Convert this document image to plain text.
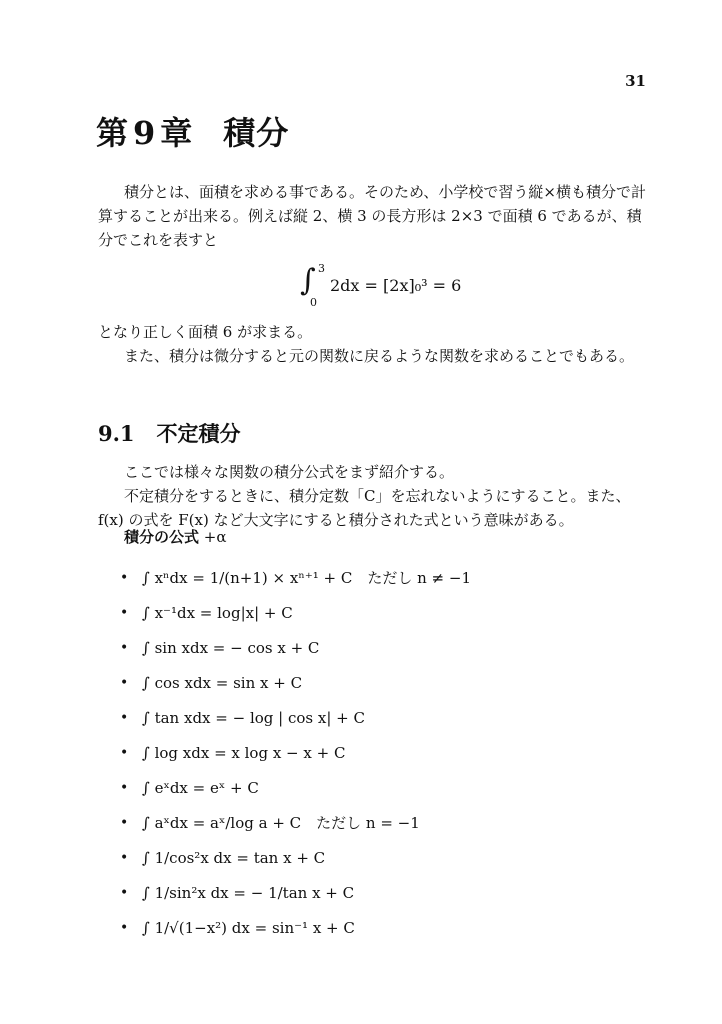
31
第 9 章 積分
積分とは、面積を求める事である。そのため、小学校で習う縦×横も積分で計算することが出来る。例えば縦 2、横 3 の長方形は 2×3 で面積 6 であるが、積分でこれを表すと
∫ 3
0
2dx = [2x]₀³ = 6
となり正しく面積 6 が求まる。
また、積分は微分すると元の関数に戻るような関数を求めることでもある。
9.1 不定積分
ここでは様々な関数の積分公式をまず紹介する。
不定積分をするときに、積分定数「C」を忘れないようにすること。また、f(x) の式を F(x) など大文字にすると積分された式という意味がある。
積分の公式 +α
• ∫ xⁿdx = 1/(n+1) × xⁿ⁺¹ + C　ただし n ≠ −1
• ∫ x⁻¹dx = log|x| + C
• ∫ sin xdx = − cos x + C
• ∫ cos xdx = sin x + C
• ∫ tan xdx = − log | cos x| + C
• ∫ log xdx = x log x − x + C
• ∫ eˣdx = eˣ + C
• ∫ aˣdx = aˣ/log a + C　ただし n = −1
• ∫ 1/cos²x dx = tan x + C
• ∫ 1/sin²x dx = − 1/tan x + C
• ∫ 1/√(1−x²) dx = sin⁻¹ x + C
